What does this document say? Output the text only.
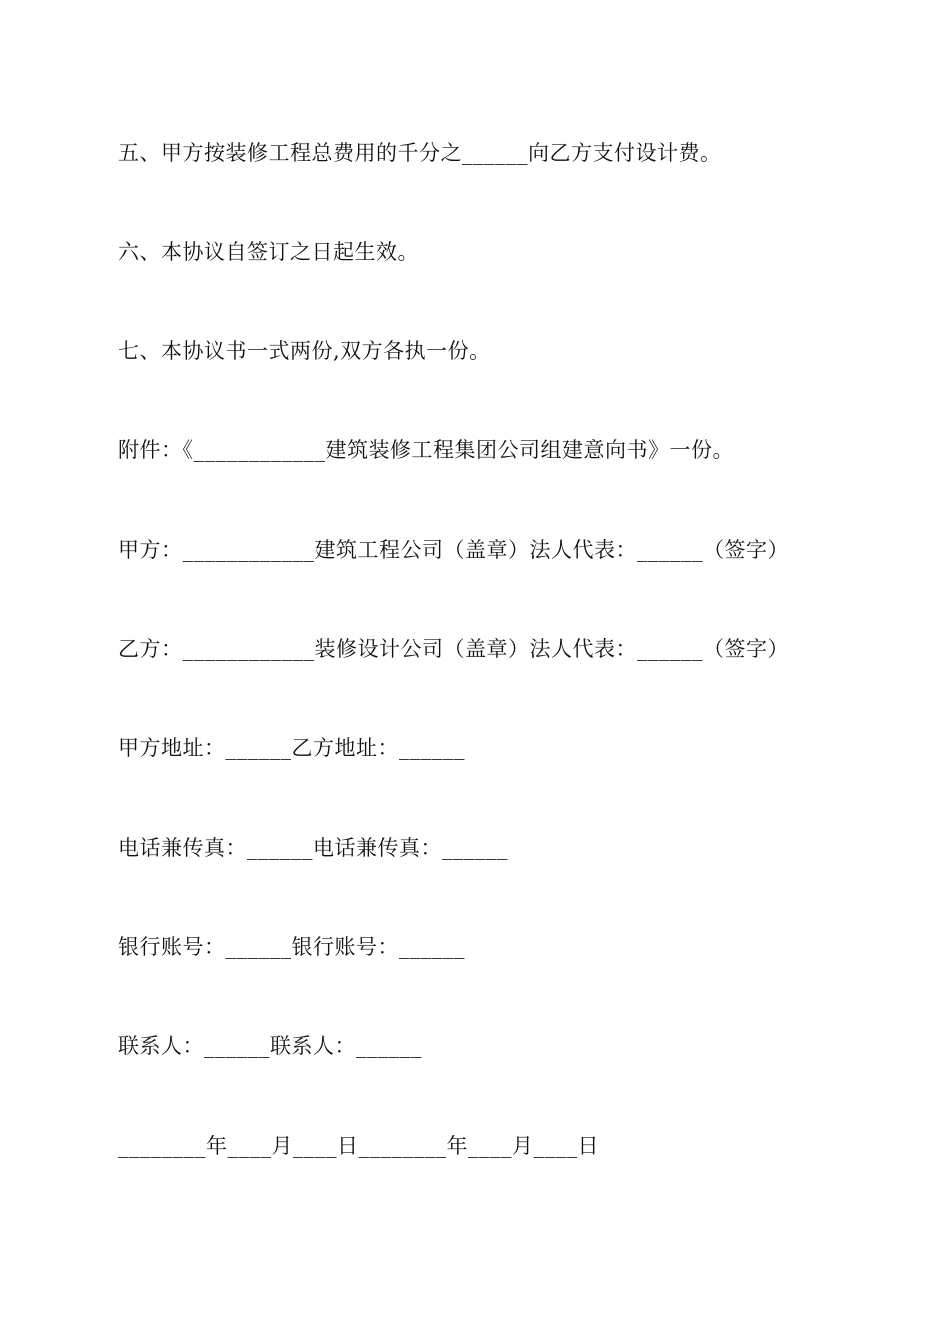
五、甲方按装修工程总费用的千分之______向乙方支付设计费。
六、本协议自签订之日起生效。
七、本协议书一式两份,双方各执一份。
附件：《____________建筑装修工程集团公司组建意向书》一份。
甲方：____________建筑工程公司（盖章）法人代表：______（签字）
乙方：____________装修设计公司（盖章）法人代表：______（签字）
甲方地址：______乙方地址：______
电话兼传真：______电话兼传真：______
银行账号：______银行账号：______
联系人：______联系人：______
________年____月____日________年____月____日
